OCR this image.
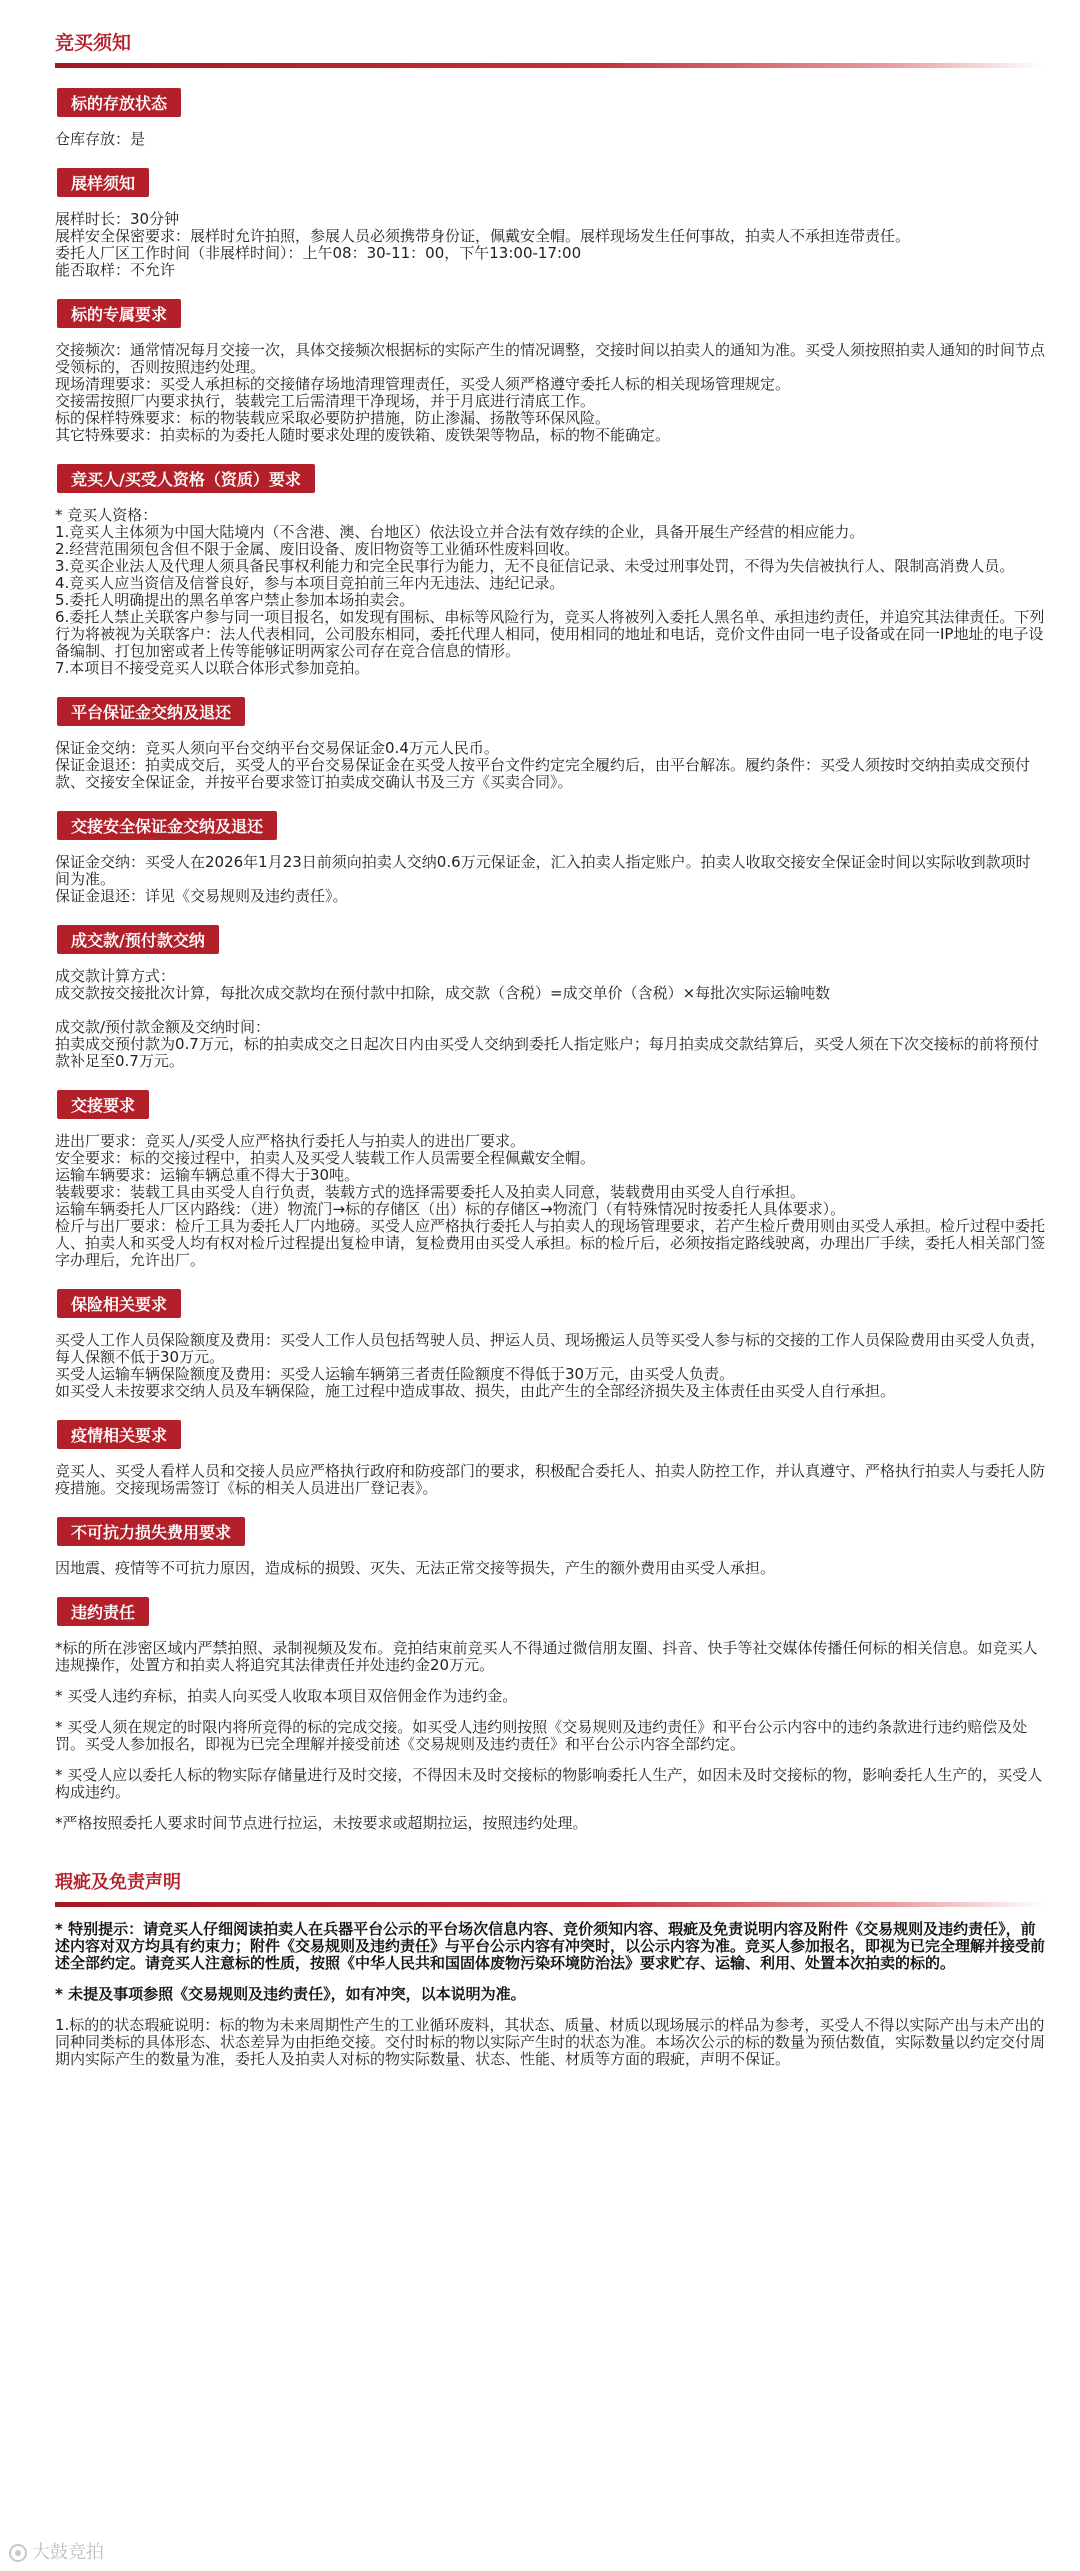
竞买须知
标的存放状态

仓库存放：是

展样须知

展样时长：30分钟

展样安全保密要求：展样时允许拍照，参展人员必须携带身份证，佩戴安全帽。展样现场发生任何事故，拍卖人不承担连带责任。

委托人厂区工作时间（非展样时间）：上午08：30-11：00，下午13:00-17:00

能否取样：不允许

标的专属要求

交接频次：通常情况每月交接一次，具体交接频次根据标的实际产生的情况调整，交接时间以拍卖人的通知为准。买受人须按照拍卖人通知的时间节点受领标的，否则按照违约处理。

现场清理要求：买受人承担标的交接储存场地清理管理责任，买受人须严格遵守委托人标的相关现场管理规定。

交接需按照厂内要求执行，装载完工后需清理干净现场，并于月底进行清底工作。

标的保样特殊要求：标的物装载应采取必要防护措施，防止渗漏、扬散等环保风险。

其它特殊要求：拍卖标的为委托人随时要求处理的废铁箱、废铁架等物品，标的物不能确定。

竞买人/买受人资格（资质）要求

* 竞买人资格：

1.竞买人主体须为中国大陆境内（不含港、澳、台地区）依法设立并合法有效存续的企业，具备开展生产经营的相应能力。

2.经营范围须包含但不限于金属、废旧设备、废旧物资等工业循环性废料回收。

3.竞买企业法人及代理人须具备民事权利能力和完全民事行为能力，无不良征信记录、未受过刑事处罚，不得为失信被执行人、限制高消费人员。

4.竞买人应当资信及信誉良好，参与本项目竞拍前三年内无违法、违纪记录。

5.委托人明确提出的黑名单客户禁止参加本场拍卖会。

6.委托人禁止关联客户参与同一项目报名，如发现有围标、串标等风险行为，竞买人将被列入委托人黑名单、承担违约责任，并追究其法律责任。下列行为将被视为关联客户：法人代表相同，公司股东相同，委托代理人相同，使用相同的地址和电话，竞价文件由同一电子设备或在同一IP地址的电子设备编制、打包加密或者上传等能够证明两家公司存在竞合信息的情形。

7.本项目不接受竞买人以联合体形式参加竞拍。

平台保证金交纳及退还

保证金交纳：竞买人须向平台交纳平台交易保证金0.4万元人民币。

保证金退还：拍卖成交后，买受人的平台交易保证金在买受人按平台文件约定完全履约后，由平台解冻。履约条件：买受人须按时交纳拍卖成交预付款、交接安全保证金，并按平台要求签订拍卖成交确认书及三方《买卖合同》。

交接安全保证金交纳及退还

保证金交纳：买受人在2026年1月23日前须向拍卖人交纳0.6万元保证金，汇入拍卖人指定账户。拍卖人收取交接安全保证金时间以实际收到款项时间为准。

保证金退还：详见《交易规则及违约责任》。

成交款/预付款交纳

成交款计算方式：

成交款按交接批次计算，每批次成交款均在预付款中扣除，成交款（含税）=成交单价（含税）×每批次实际运输吨数

成交款/预付款金额及交纳时间：

拍卖成交预付款为0.7万元，标的拍卖成交之日起次日内由买受人交纳到委托人指定账户；每月拍卖成交款结算后，买受人须在下次交接标的前将预付款补足至0.7万元。

交接要求

进出厂要求：竞买人/买受人应严格执行委托人与拍卖人的进出厂要求。

安全要求：标的交接过程中，拍卖人及买受人装载工作人员需要全程佩戴安全帽。

运输车辆要求：运输车辆总重不得大于30吨。

装载要求：装载工具由买受人自行负责，装载方式的选择需要委托人及拍卖人同意，装载费用由买受人自行承担。

运输车辆委托人厂区内路线：（进）物流门→标的存储区（出）标的存储区→物流门（有特殊情况时按委托人具体要求）。

检斤与出厂要求：检斤工具为委托人厂内地磅。买受人应严格执行委托人与拍卖人的现场管理要求，若产生检斤费用则由买受人承担。检斤过程中委托人、拍卖人和买受人均有权对检斤过程提出复检申请，复检费用由买受人承担。标的检斤后，必须按指定路线驶离，办理出厂手续，委托人相关部门签字办理后，允许出厂。

保险相关要求

买受人工作人员保险额度及费用：买受人工作人员包括驾驶人员、押运人员、现场搬运人员等买受人参与标的交接的工作人员保险费用由买受人负责，每人保额不低于30万元。

买受人运输车辆保险额度及费用：买受人运输车辆第三者责任险额度不得低于30万元，由买受人负责。

如买受人未按要求交纳人员及车辆保险，施工过程中造成事故、损失，由此产生的全部经济损失及主体责任由买受人自行承担。

疫情相关要求

竞买人、买受人看样人员和交接人员应严格执行政府和防疫部门的要求，积极配合委托人、拍卖人防控工作，并认真遵守、严格执行拍卖人与委托人防疫措施。交接现场需签订《标的相关人员进出厂登记表》。

不可抗力损失费用要求

因地震、疫情等不可抗力原因，造成标的损毁、灭失、无法正常交接等损失，产生的额外费用由买受人承担。

违约责任

*标的所在涉密区域内严禁拍照、录制视频及发布。竞拍结束前竞买人不得通过微信朋友圈、抖音、快手等社交媒体传播任何标的相关信息。如竞买人违规操作，处置方和拍卖人将追究其法律责任并处违约金20万元。

* 买受人违约弃标，拍卖人向买受人收取本项目双倍佣金作为违约金。

* 买受人须在规定的时限内将所竞得的标的完成交接。如买受人违约则按照《交易规则及违约责任》和平台公示内容中的违约条款进行违约赔偿及处罚。买受人参加报名，即视为已完全理解并接受前述《交易规则及违约责任》和平台公示内容全部约定。

* 买受人应以委托人标的物实际存储量进行及时交接，不得因未及时交接标的物影响委托人生产，如因未及时交接标的物，影响委托人生产的，买受人构成违约。

*严格按照委托人要求时间节点进行拉运，未按要求或超期拉运，按照违约处理。

瑕疵及免责声明

* 特别提示：请竞买人仔细阅读拍卖人在兵器平台公示的平台场次信息内容、竞价须知内容、瑕疵及免责说明内容及附件《交易规则及违约责任》，前述内容对双方均具有约束力；附件《交易规则及违约责任》与平台公示内容有冲突时，以公示内容为准。竞买人参加报名，即视为已完全理解并接受前述全部约定。请竞买人注意标的性质，按照《中华人民共和国固体废物污染环境防治法》要求贮存、运输、利用、处置本次拍卖的标的。

* 未提及事项参照《交易规则及违约责任》，如有冲突，以本说明为准。

1.标的的状态瑕疵说明：标的物为未来周期性产生的工业循环废料，其状态、质量、材质以现场展示的样品为参考，买受人不得以实际产出与未产出的同种同类标的具体形态、状态差异为由拒绝交接。交付时标的物以实际产生时的状态为准。本场次公示的标的数量为预估数值，实际数量以约定交付周期内实际产生的数量为准，委托人及拍卖人对标的物实际数量、状态、性能、材质等方面的瑕疵，声明不保证。

大鼓竞拍
